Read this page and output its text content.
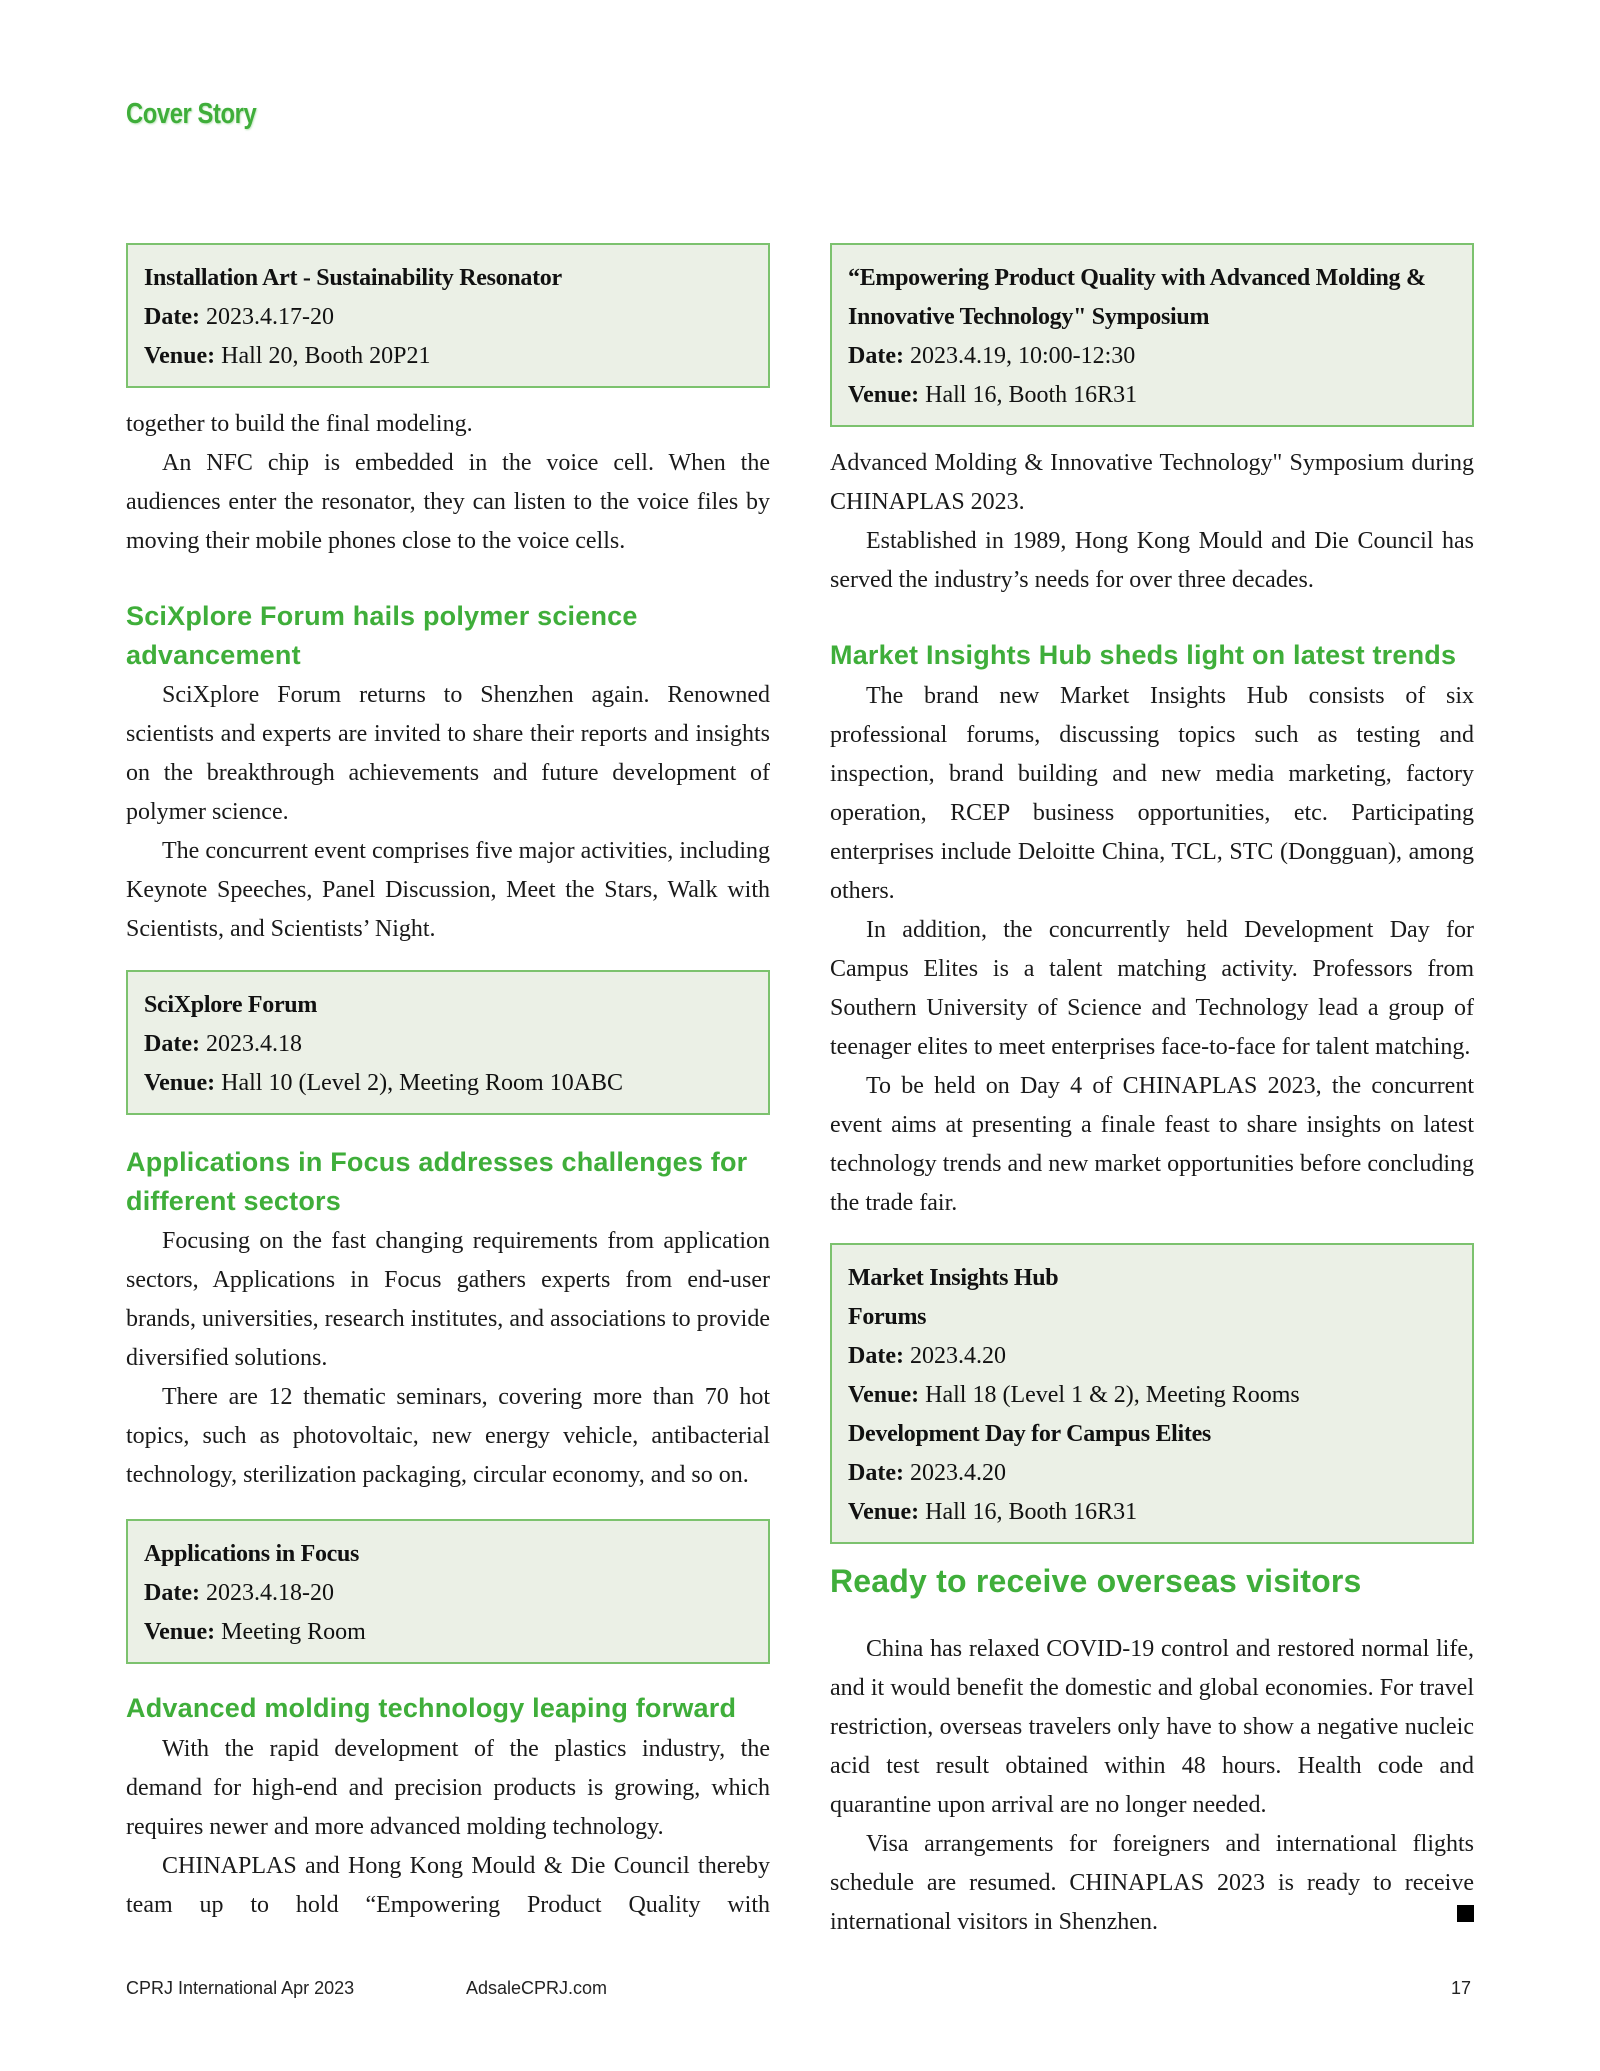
Cover Story
Installation Art - Sustainability Resonator
Date: 2023.4.17-20
Venue: Hall 20, Booth 20P21

together to build the final modeling.

An NFC chip is embedded in the voice cell. When the audiences enter the resonator, they can listen to the voice files by moving their mobile phones close to the voice cells.

SciXplore Forum hails polymer science advancement

SciXplore Forum returns to Shenzhen again. Renowned scientists and experts are invited to share their reports and insights on the breakthrough achievements and future development of polymer science.

The concurrent event comprises five major activities, including Keynote Speeches, Panel Discussion, Meet the Stars, Walk with Scientists, and Scientists’ Night.

SciXplore Forum
Date: 2023.4.18
Venue: Hall 10 (Level 2), Meeting Room 10ABC
Applications in Focus addresses challenges for different sectors

Focusing on the fast changing requirements from application sectors, Applications in Focus gathers experts from end-user brands, universities, research institutes, and associations to provide diversified solutions.

There are 12 thematic seminars, covering more than 70 hot topics, such as photovoltaic, new energy vehicle, antibacterial technology, sterilization packaging, circular economy, and so on.

Applications in Focus
Date: 2023.4.18-20
Venue: Meeting Room
Advanced molding technology leaping forward

With the rapid development of the plastics industry, the demand for high-end and precision products is growing, which requires newer and more advanced molding technology.

CHINAPLAS and Hong Kong Mould & Die Council thereby team up to hold “Empowering Product Quality with

“Empowering Product Quality with Advanced Molding & Innovative Technology" Symposium
Date: 2023.4.19, 10:00-12:30
Venue: Hall 16, Booth 16R31

Advanced Molding & Innovative Technology" Symposium during CHINAPLAS 2023.

Established in 1989, Hong Kong Mould and Die Council has served the industry’s needs for over three decades.

Market Insights Hub sheds light on latest trends

The brand new Market Insights Hub consists of six professional forums, discussing topics such as testing and inspection, brand building and new media marketing, factory operation, RCEP business opportunities, etc. Participating enterprises include Deloitte China, TCL, STC (Dongguan), among others.

In addition, the concurrently held Development Day for Campus Elites is a talent matching activity. Professors from Southern University of Science and Technology lead a group of teenager elites to meet enterprises face-to-face for talent matching.

To be held on Day 4 of CHINAPLAS 2023, the concurrent event aims at presenting a finale feast to share insights on latest technology trends and new market opportunities before concluding the trade fair.

Market Insights Hub
Forums
Date: 2023.4.20
Venue: Hall 18 (Level 1 & 2), Meeting Rooms
Development Day for Campus Elites
Date: 2023.4.20
Venue: Hall 16, Booth 16R31
Ready to receive overseas visitors

China has relaxed COVID-19 control and restored normal life, and it would benefit the domestic and global economies. For travel restriction, overseas travelers only have to show a negative nucleic acid test result obtained within 48 hours. Health code and quarantine upon arrival are no longer needed.

Visa arrangements for foreigners and international flights schedule are resumed. CHINAPLAS 2023 is ready to receive international visitors in Shenzhen.

CPRJ International Apr 2023	AdsaleCPRJ.com	17
